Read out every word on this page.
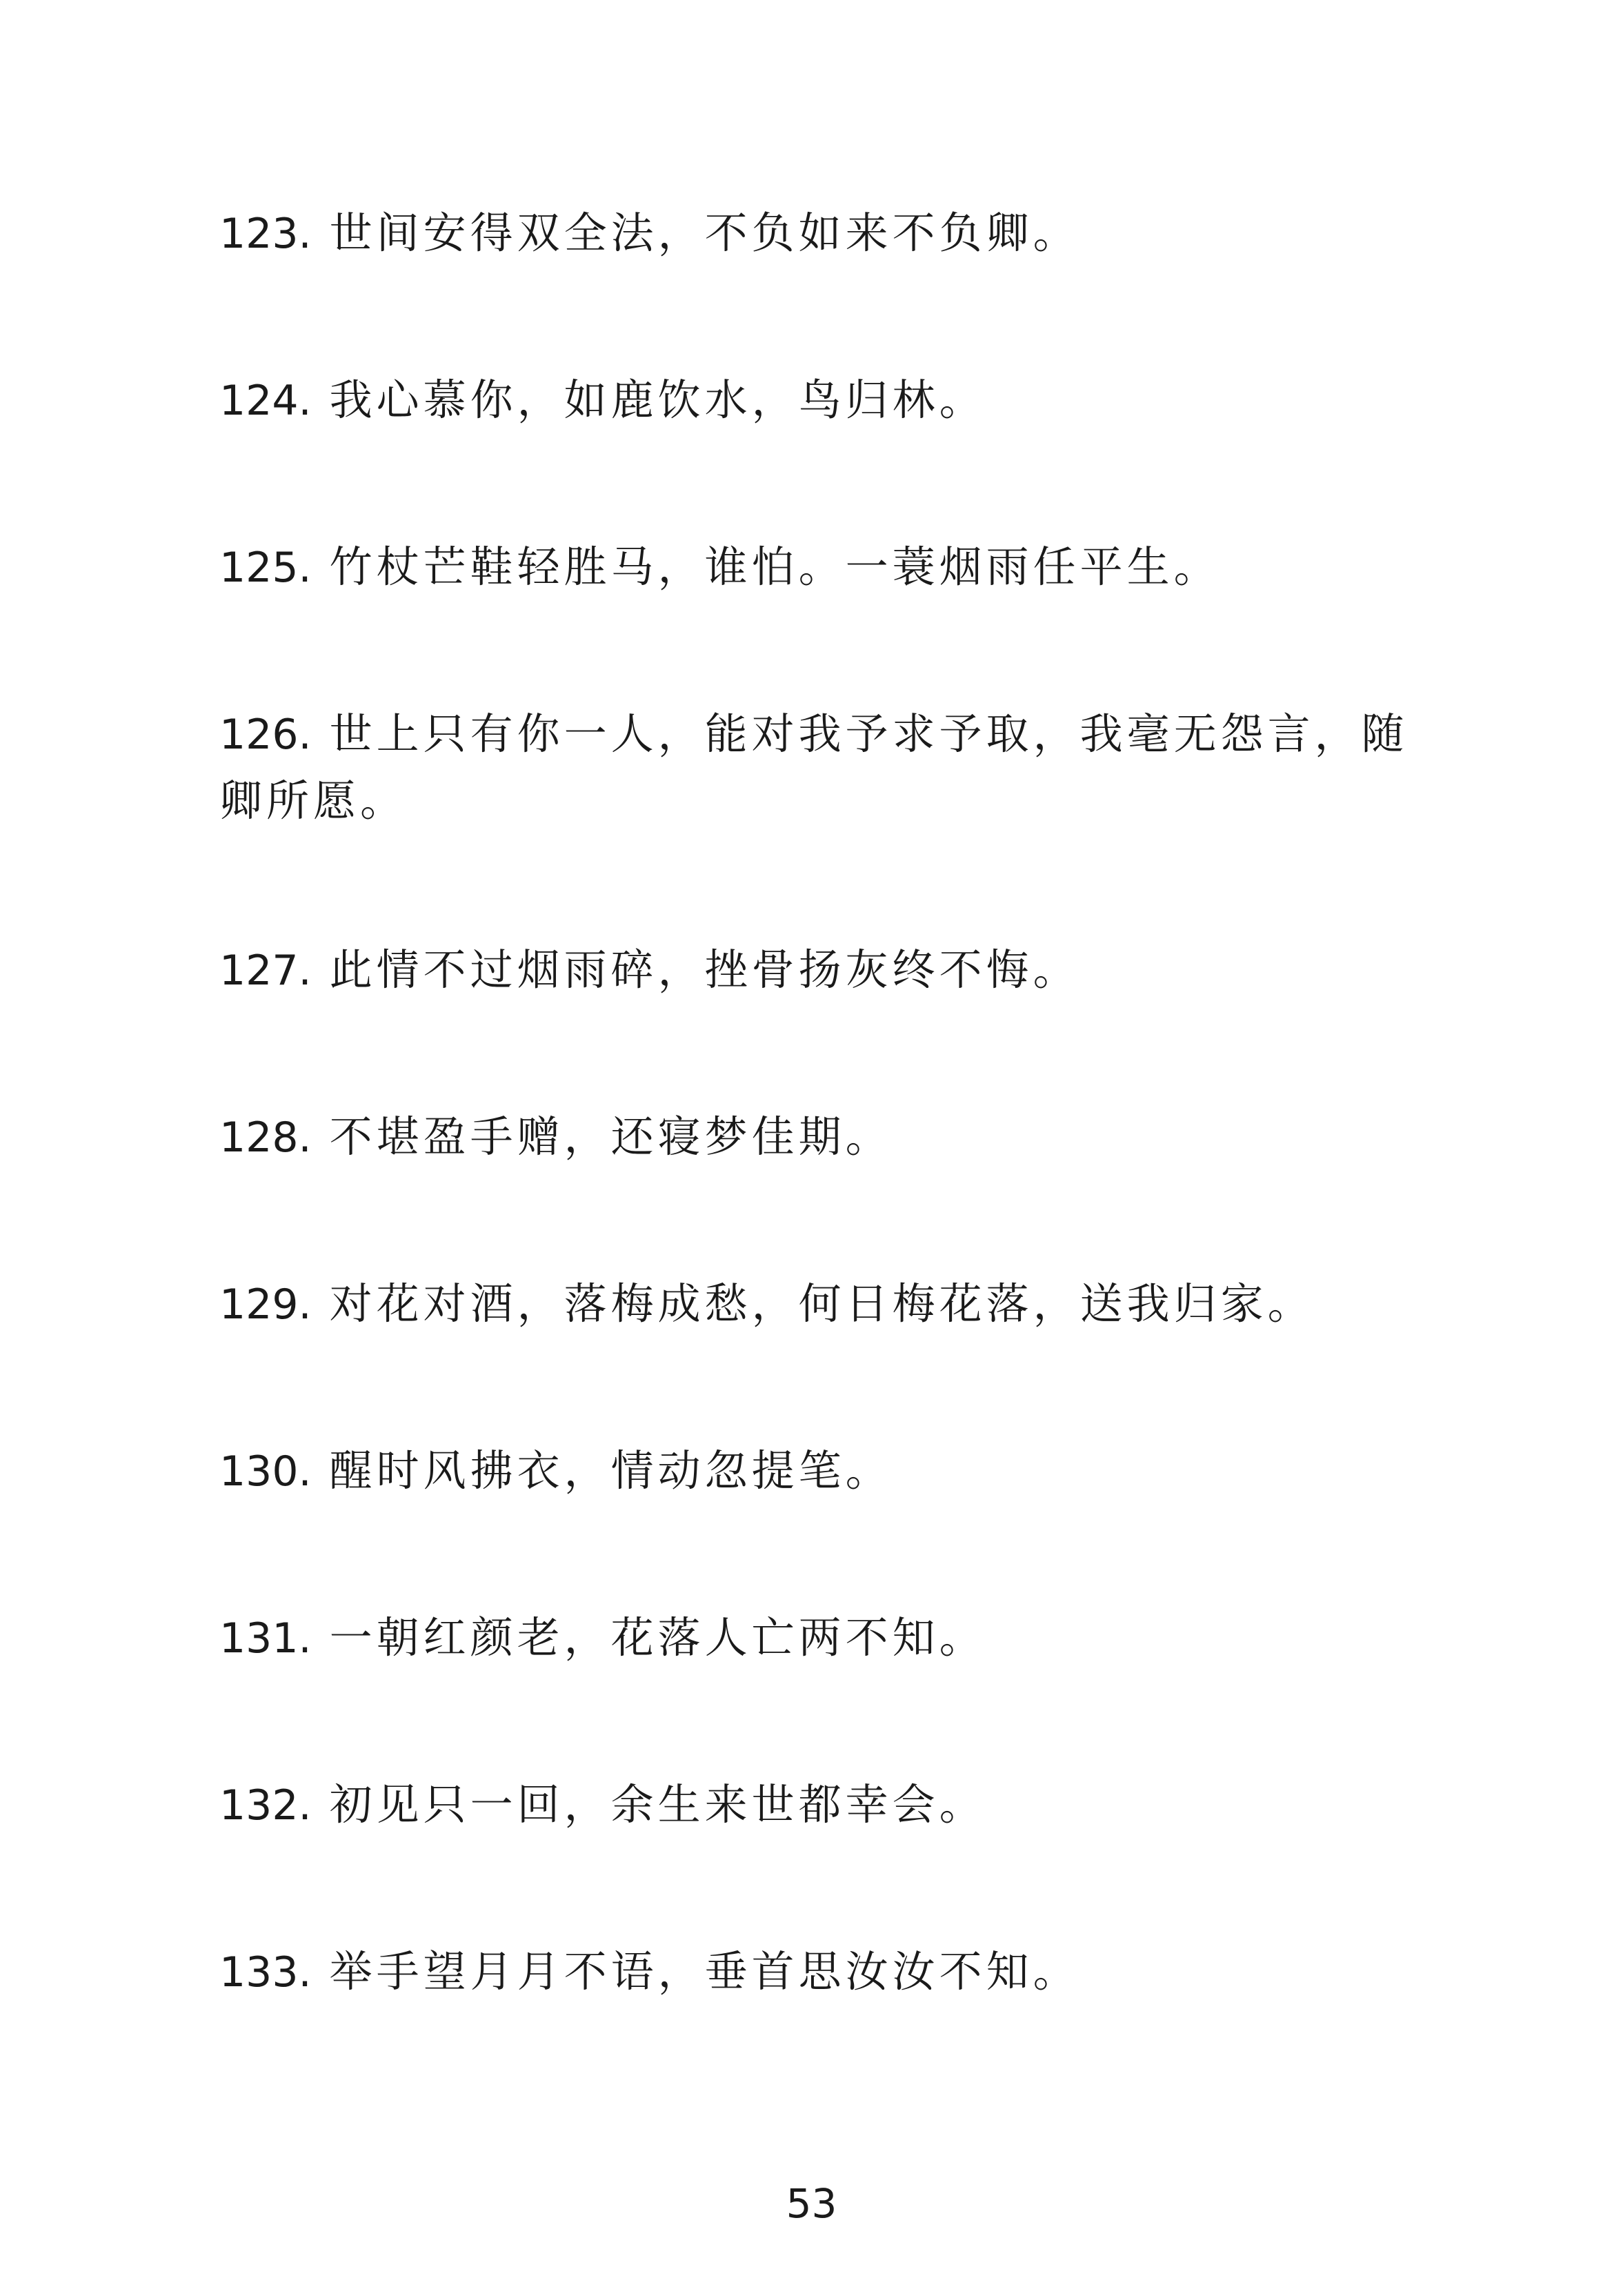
123. 世间安得双全法，不负如来不负卿。
124. 我心慕你，如鹿饮水，鸟归林。
125. 竹杖芒鞋轻胜马，谁怕。一蓑烟雨任平生。
126. 世上只有你一人，能对我予求予取，我毫无怨言，随卿所愿。
127. 此情不过烟雨碎，挫骨扬灰终不悔。
128. 不堪盈手赠，还寝梦佳期。
129. 对花对酒，落梅成愁，何日梅花落，送我归家。
130. 醒时风拂衣，情动忽提笔。
131. 一朝红颜老，花落人亡两不知。
132. 初见只一回，余生来世都幸会。
133. 举手望月月不语，垂首思汝汝不知。
53
